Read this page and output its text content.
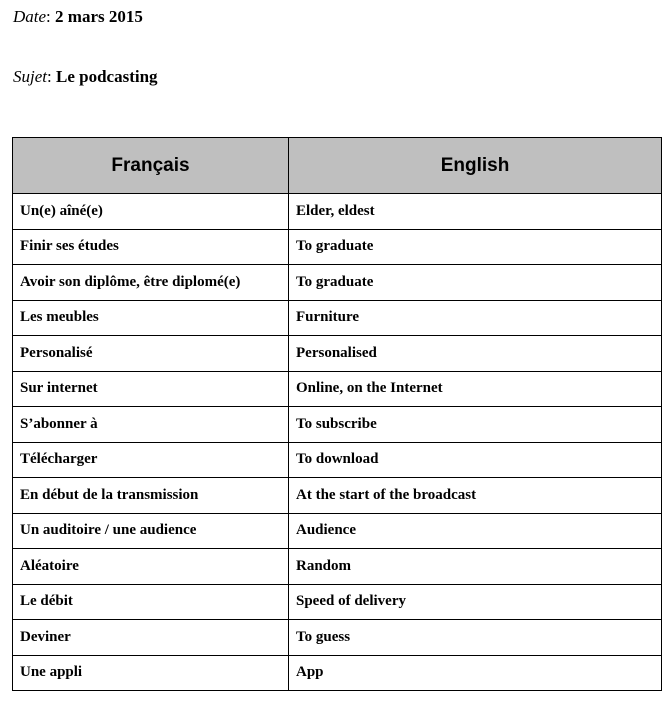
Date: 2 mars 2015
Sujet: Le podcasting
Français	English
Un(e) aîné(e)	Elder, eldest
Finir ses études	To graduate
Avoir son diplôme, être diplomé(e)	To graduate
Les meubles	Furniture
Personalisé	Personalised
Sur internet	Online, on the Internet
S’abonner à	To subscribe
Télécharger	To download
En début de la transmission	At the start of the broadcast
Un auditoire / une audience	Audience
Aléatoire	Random
Le débit	Speed of delivery
Deviner	To guess
Une appli	App
